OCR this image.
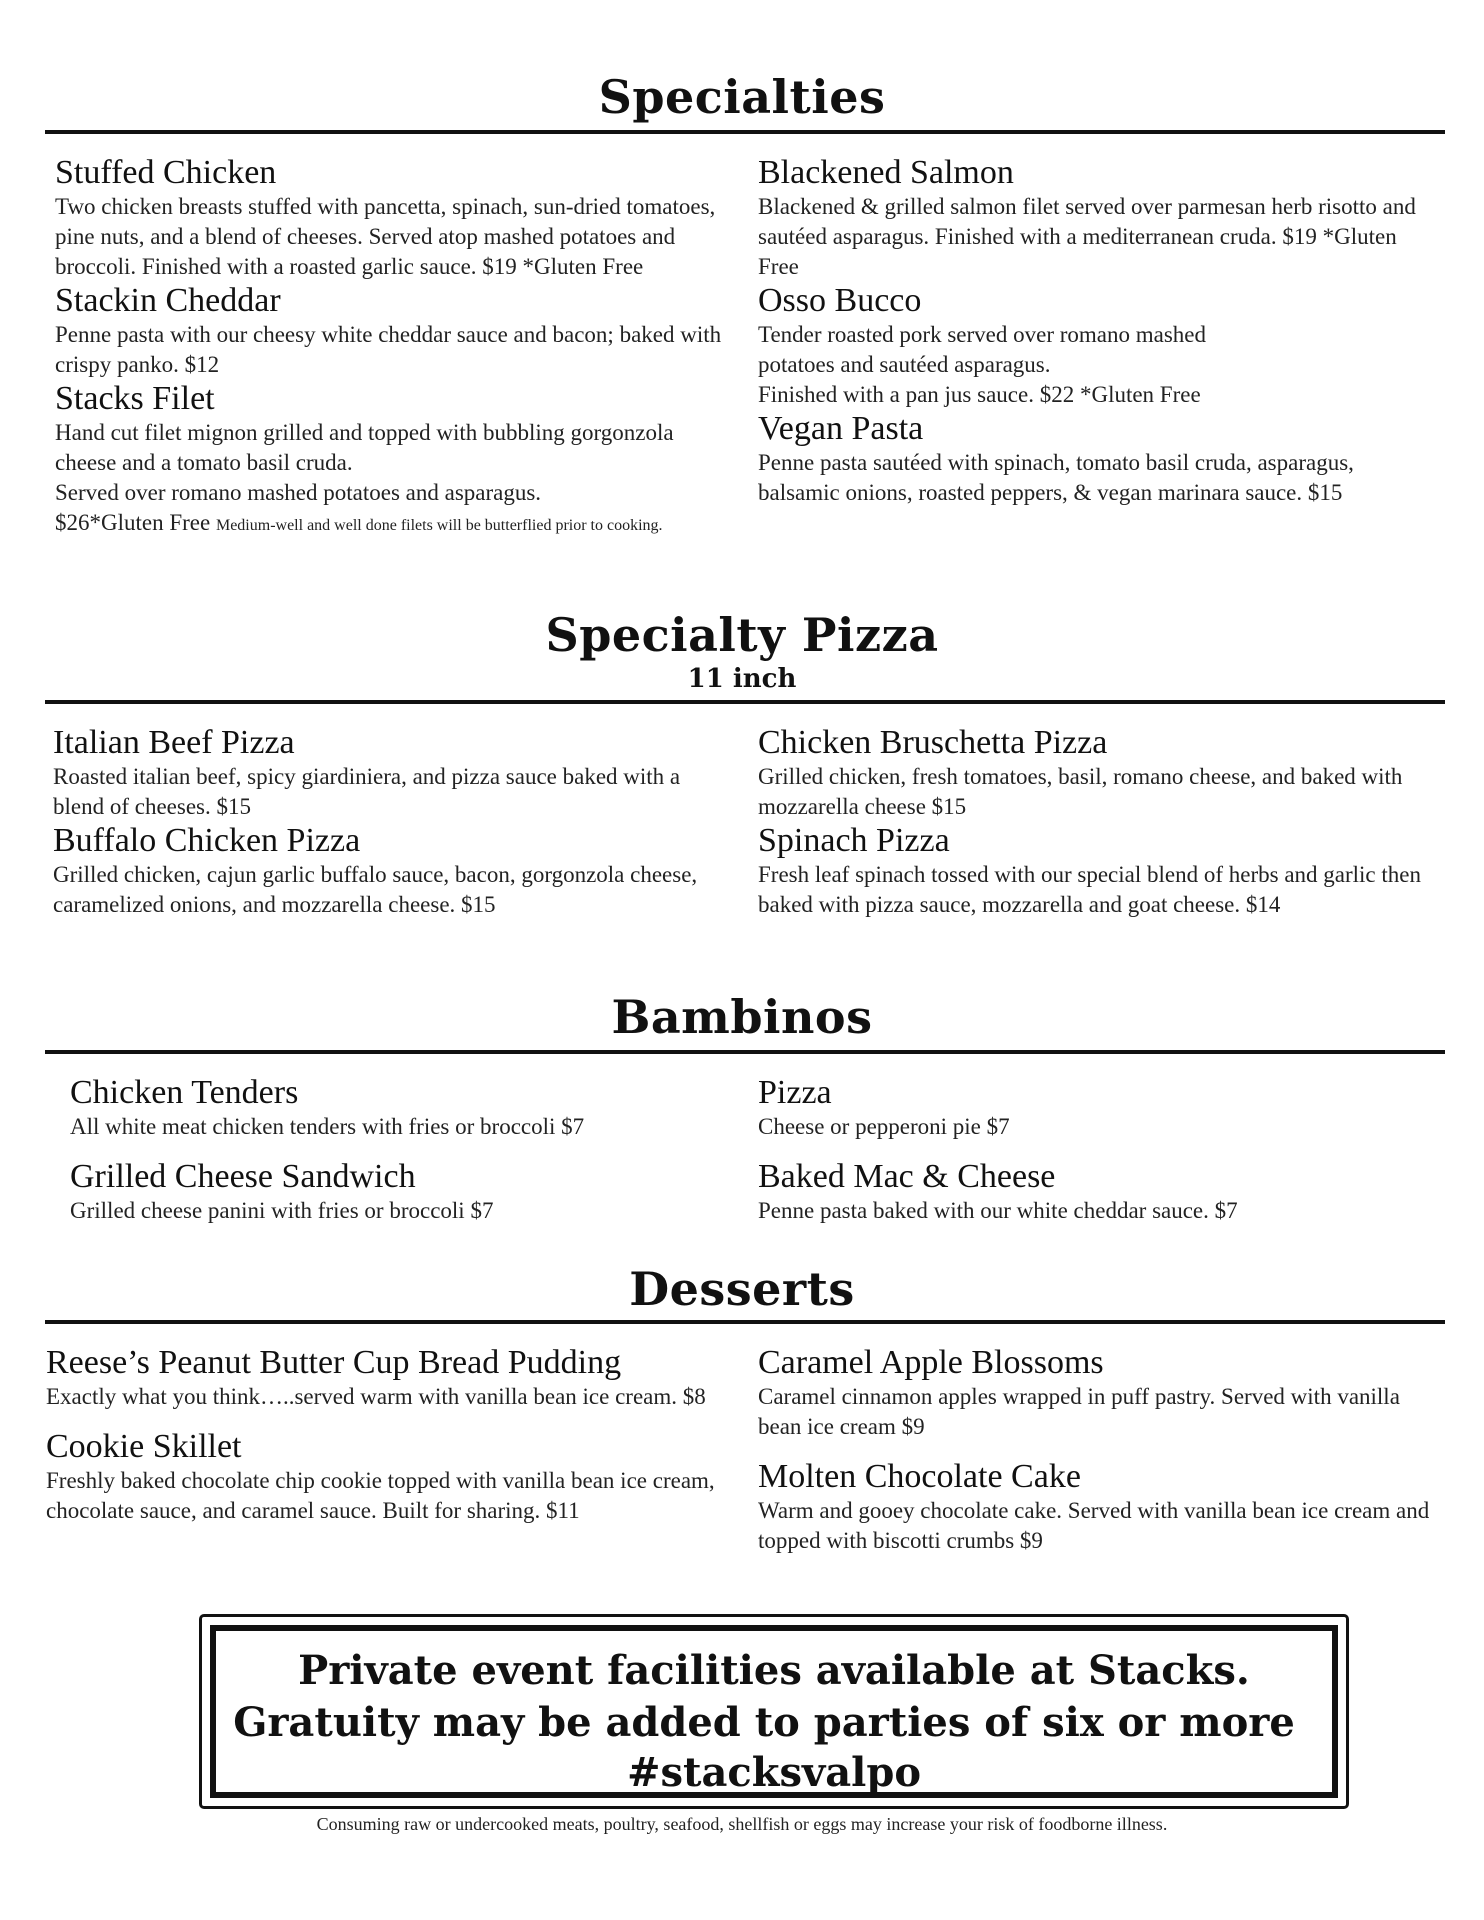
Specialties
Stuffed Chicken
Two chicken breasts stuffed with pancetta, spinach, sun-dried tomatoes, pine nuts, and a blend of cheeses. Served atop mashed potatoes and broccoli. Finished with a roasted garlic sauce. $19 *Gluten Free
Stackin Cheddar
Penne pasta with our cheesy white cheddar sauce and bacon; baked with crispy panko. $12
Stacks Filet
Hand cut filet mignon grilled and topped with bubbling gorgonzola cheese and a tomato basil cruda.
Served over romano mashed potatoes and asparagus.
$26*Gluten Free Medium-well and well done filets will be butterflied prior to cooking.
Blackened Salmon
Blackened & grilled salmon filet served over parmesan herb risotto and sautéed asparagus. Finished with a mediterranean cruda. $19 *Gluten Free
Osso Bucco
Tender roasted pork served over romano mashed
potatoes and sautéed asparagus.
Finished with a pan jus sauce. $22 *Gluten Free
Vegan Pasta
Penne pasta sautéed with spinach, tomato basil cruda, asparagus, balsamic onions, roasted peppers, & vegan marinara sauce. $15
Specialty Pizza
11 inch
Italian Beef Pizza
Roasted italian beef, spicy giardiniera, and pizza sauce baked with a blend of cheeses. $15
Buffalo Chicken Pizza
Grilled chicken, cajun garlic buffalo sauce, bacon, gorgonzola cheese, caramelized onions, and mozzarella cheese. $15
Chicken Bruschetta Pizza
Grilled chicken, fresh tomatoes, basil, romano cheese, and baked with mozzarella cheese $15
Spinach Pizza
Fresh leaf spinach tossed with our special blend of herbs and garlic then baked with pizza sauce, mozzarella and goat cheese. $14
Bambinos
Chicken Tenders
All white meat chicken tenders with fries or broccoli $7
Grilled Cheese Sandwich
Grilled cheese panini with fries or broccoli $7
Pizza
Cheese or pepperoni pie $7
Baked Mac & Cheese
Penne pasta baked with our white cheddar sauce. $7
Desserts
Reese’s Peanut Butter Cup Bread Pudding
Exactly what you think…..served warm with vanilla bean ice cream. $8
Cookie Skillet
Freshly baked chocolate chip cookie topped with vanilla bean ice cream, chocolate sauce, and caramel sauce. Built for sharing. $11
Caramel Apple Blossoms
Caramel cinnamon apples wrapped in puff pastry. Served with vanilla bean ice cream $9
Molten Chocolate Cake
Warm and gooey chocolate cake. Served with vanilla bean ice cream and topped with biscotti crumbs $9
Private event facilities available at Stacks.
Gratuity may be added to parties of six or more
#stacksvalpo
Consuming raw or undercooked meats, poultry, seafood, shellfish or eggs may increase your risk of foodborne illness.
